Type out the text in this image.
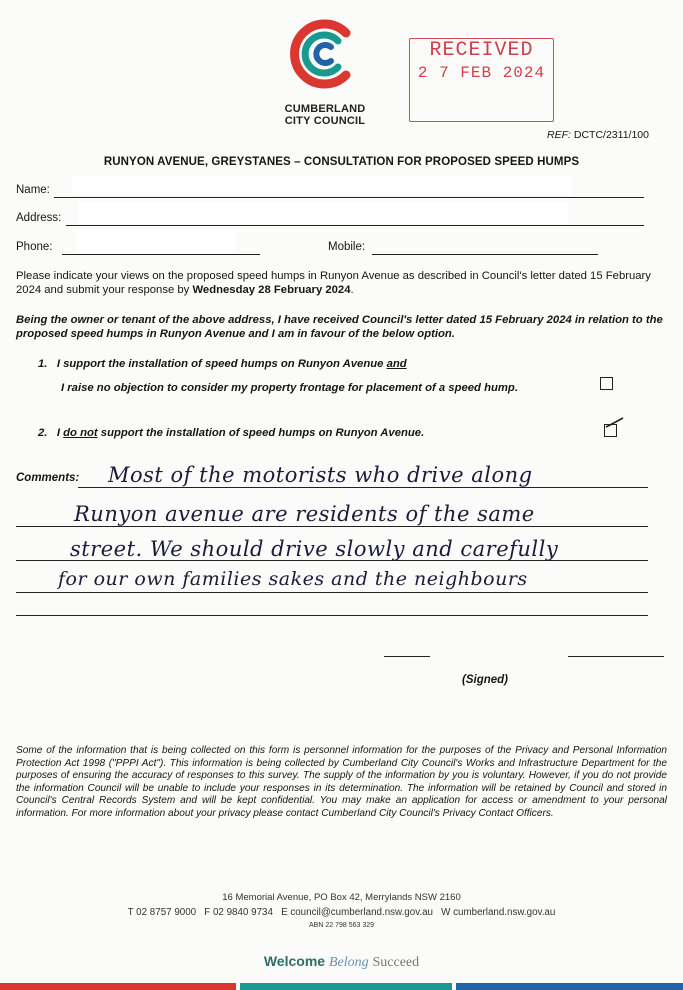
CUMBERLAND
CITY COUNCIL
RECEIVED
2 7 FEB 2024
REF: DCTC/2311/100
RUNYON AVENUE, GREYSTANES – CONSULTATION FOR PROPOSED SPEED HUMPS
Name:
Address:
Phone:	Mobile:
Please indicate your views on the proposed speed humps in Runyon Avenue as described in Council's letter dated 15 February 2024 and submit your response by Wednesday 28 February 2024.
Being the owner or tenant of the above address, I have received Council's letter dated 15 February 2024 in relation to the proposed speed humps in Runyon Avenue and I am in favour of the below option.
1. I support the installation of speed humps on Runyon Avenue and
I raise no objection to consider my property frontage for placement of a speed hump.
2. I do not support the installation of speed humps on Runyon Avenue.
Comments: Most of the motorists who drive along
Runyon avenue are residents of the same
street. We should drive slowly and carefully
for our own families sakes and the neighbours
(Signed)
Some of the information that is being collected on this form is personnel information for the purposes of the Privacy and Personal Information Protection Act 1998 ("PPPI Act"). This information is being collected by Cumberland City Council's Works and Infrastructure Department for the purposes of ensuring the accuracy of responses to this survey. The supply of the information by you is voluntary. However, if you do not provide the information Council will be unable to include your responses in its determination. The information will be retained by Council and stored in Council's Central Records System and will be kept confidential. You may make an application for access or amendment to your personal information. For more information about your privacy please contact Cumberland City Council's Privacy Contact Officers.
16 Memorial Avenue, PO Box 42, Merrylands NSW 2160
T 02 8757 9000   F 02 9840 9734   E council@cumberland.nsw.gov.au   W cumberland.nsw.gov.au
ABN 22 798 563 329
Welcome Belong Succeed
